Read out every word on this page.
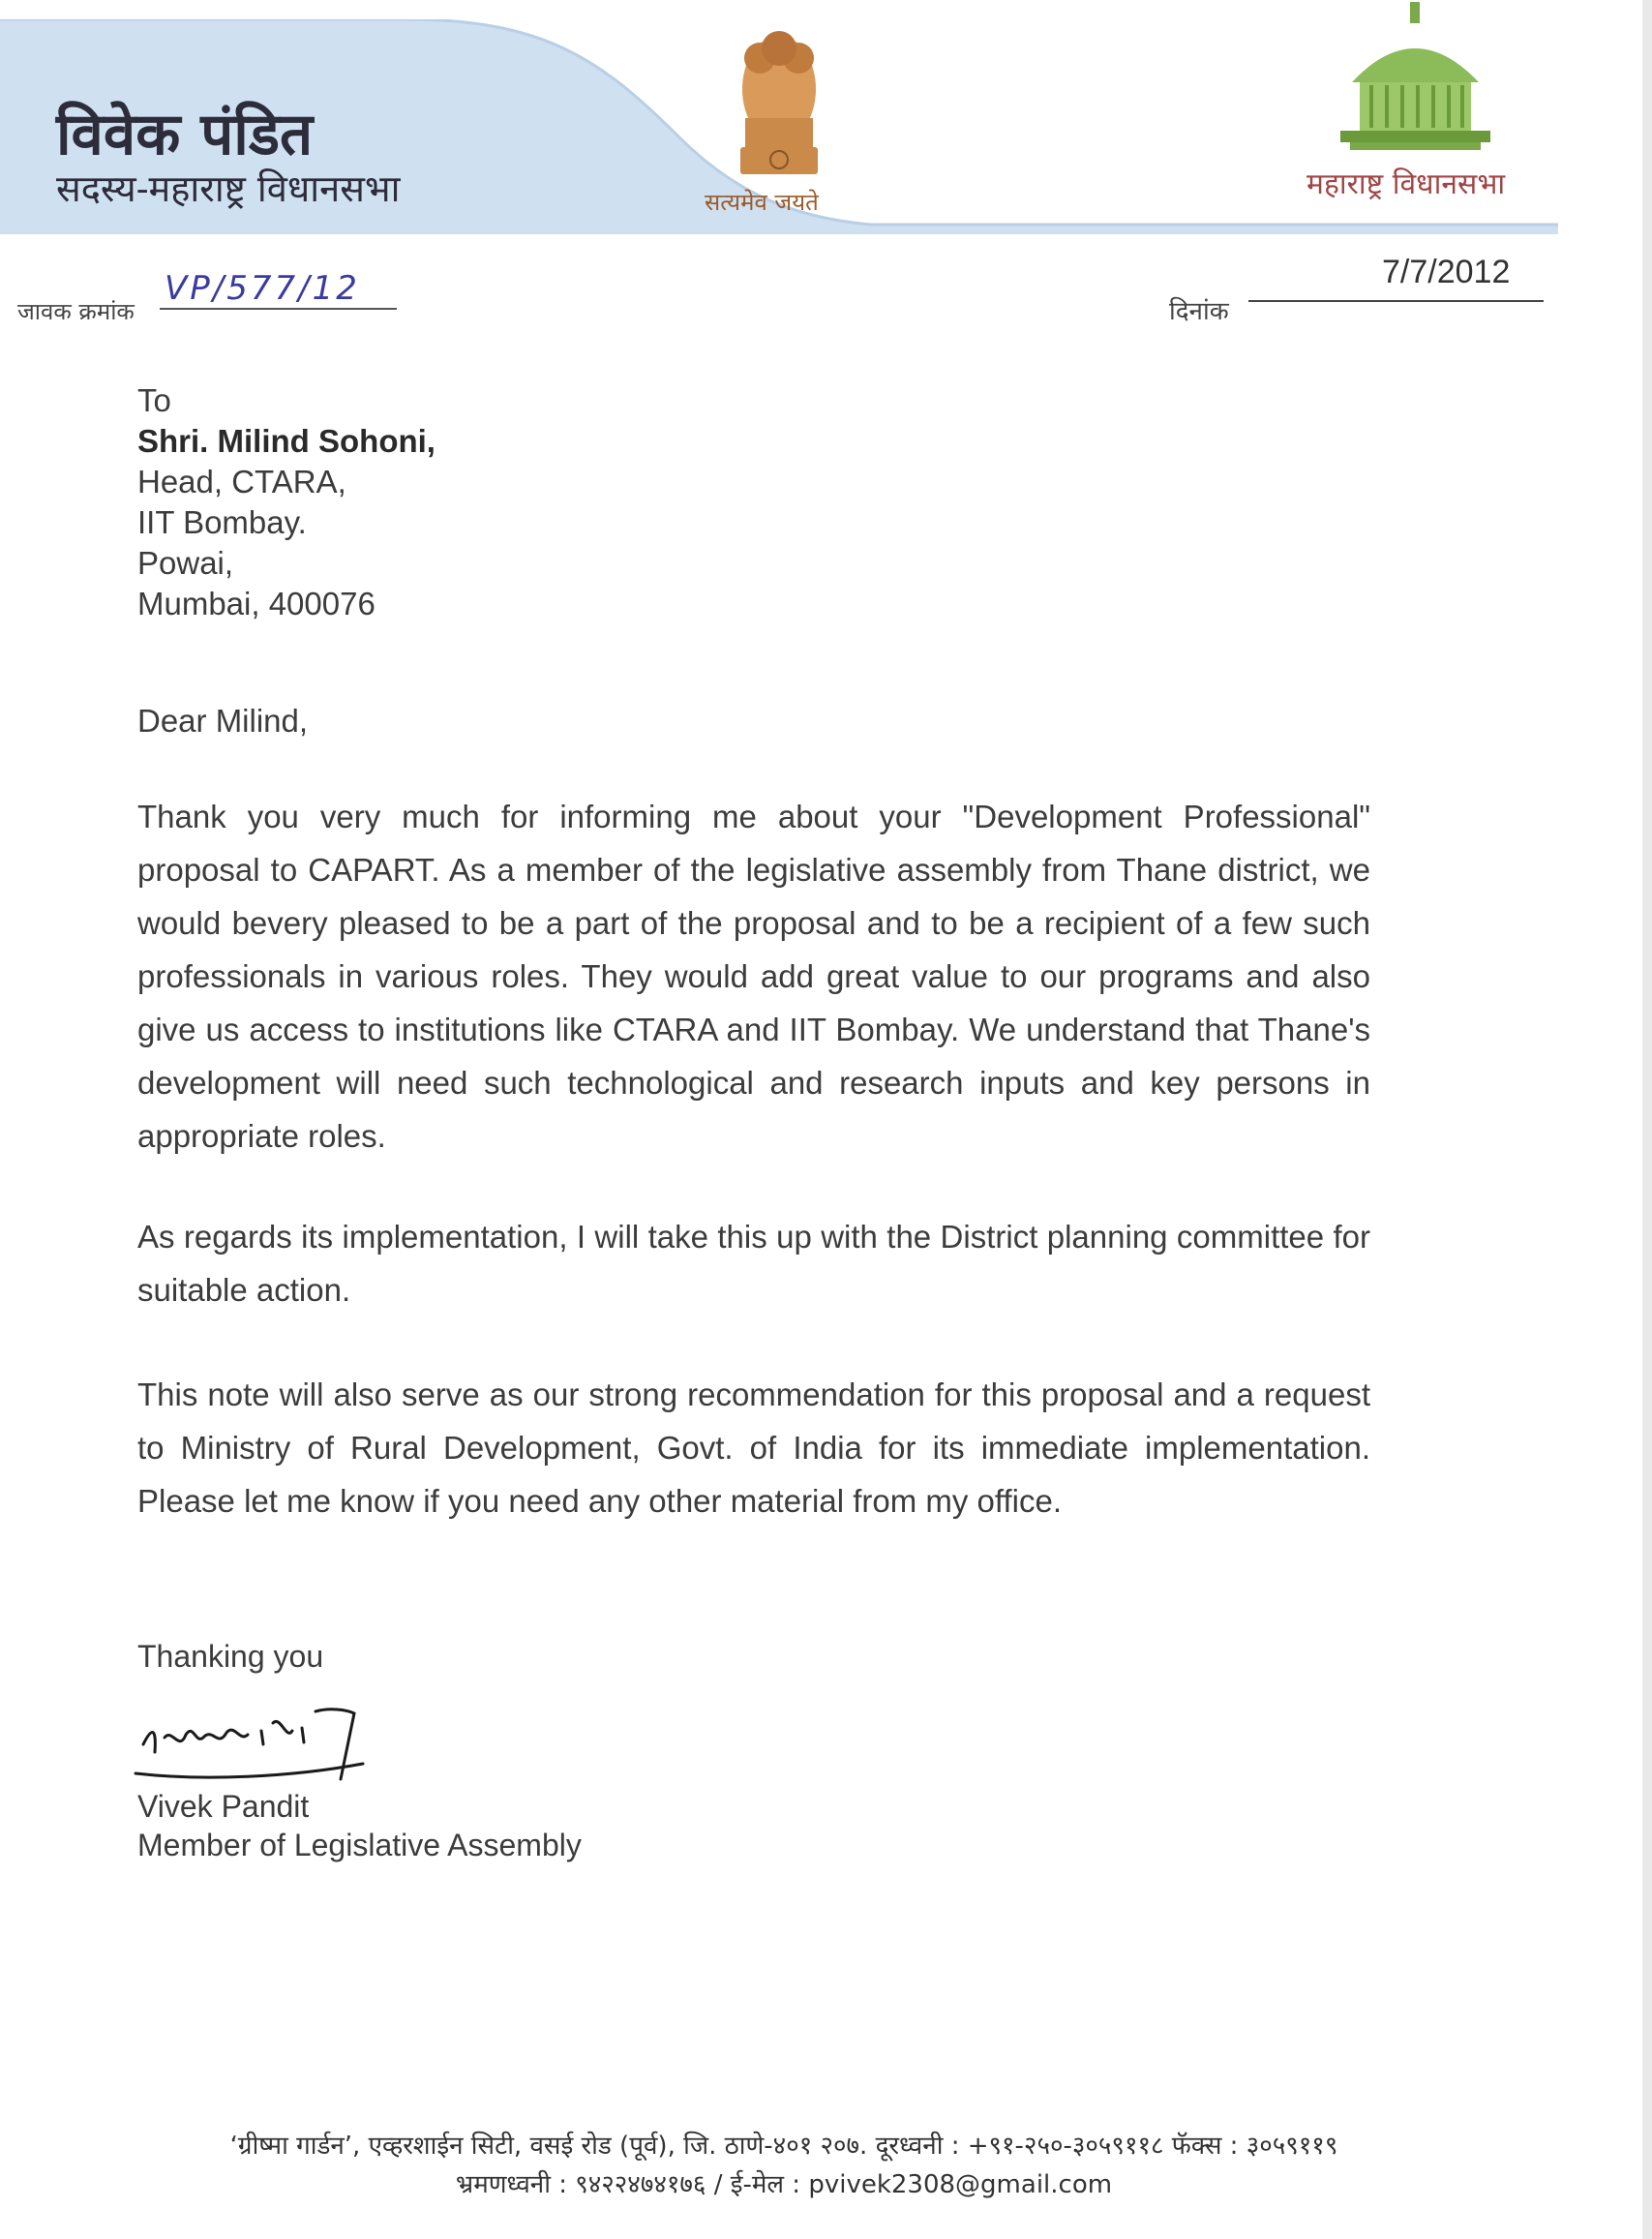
विवेक पंडित
सदस्य-महाराष्ट्र विधानसभा	सत्यमेव जयते
महाराष्ट्र विधानसभा
जावक क्रमांक
VP/577/12
दिनांक
7/7/2012
To
Shri. Milind Sohoni,
Head, CTARA,
IIT Bombay.
Powai,
Mumbai, 400076
Dear Milind,
Thank you very much for informing me about your "Development Professional" proposal to CAPART. As a member of the legislative assembly from Thane district, we would bevery pleased to be a part of the proposal and to be a recipient of a few such professionals in various roles. They would add great value to our programs and also give us access to institutions like CTARA and IIT Bombay. We understand that Thane's development will need such technological and research inputs and key persons in appropriate roles.
As regards its implementation, I will take this up with the District planning committee for suitable action.
This note will also serve as our strong recommendation for this proposal and a request to Ministry of Rural Development, Govt. of India for its immediate implementation. Please let me know if you need any other material from my office.
Thanking you
Vivek Pandit
Member of Legislative Assembly
‘ग्रीष्मा गार्डन’, एव्हरशाईन सिटी, वसई रोड (पूर्व), जि. ठाणे-४०१ २०७. दूरध्वनी : +९१-२५०-३०५९११८ फॅक्स : ३०५९११९
भ्रमणध्वनी : ९४२२४७४१७६ / ई-मेल : pvivek2308@gmail.com
